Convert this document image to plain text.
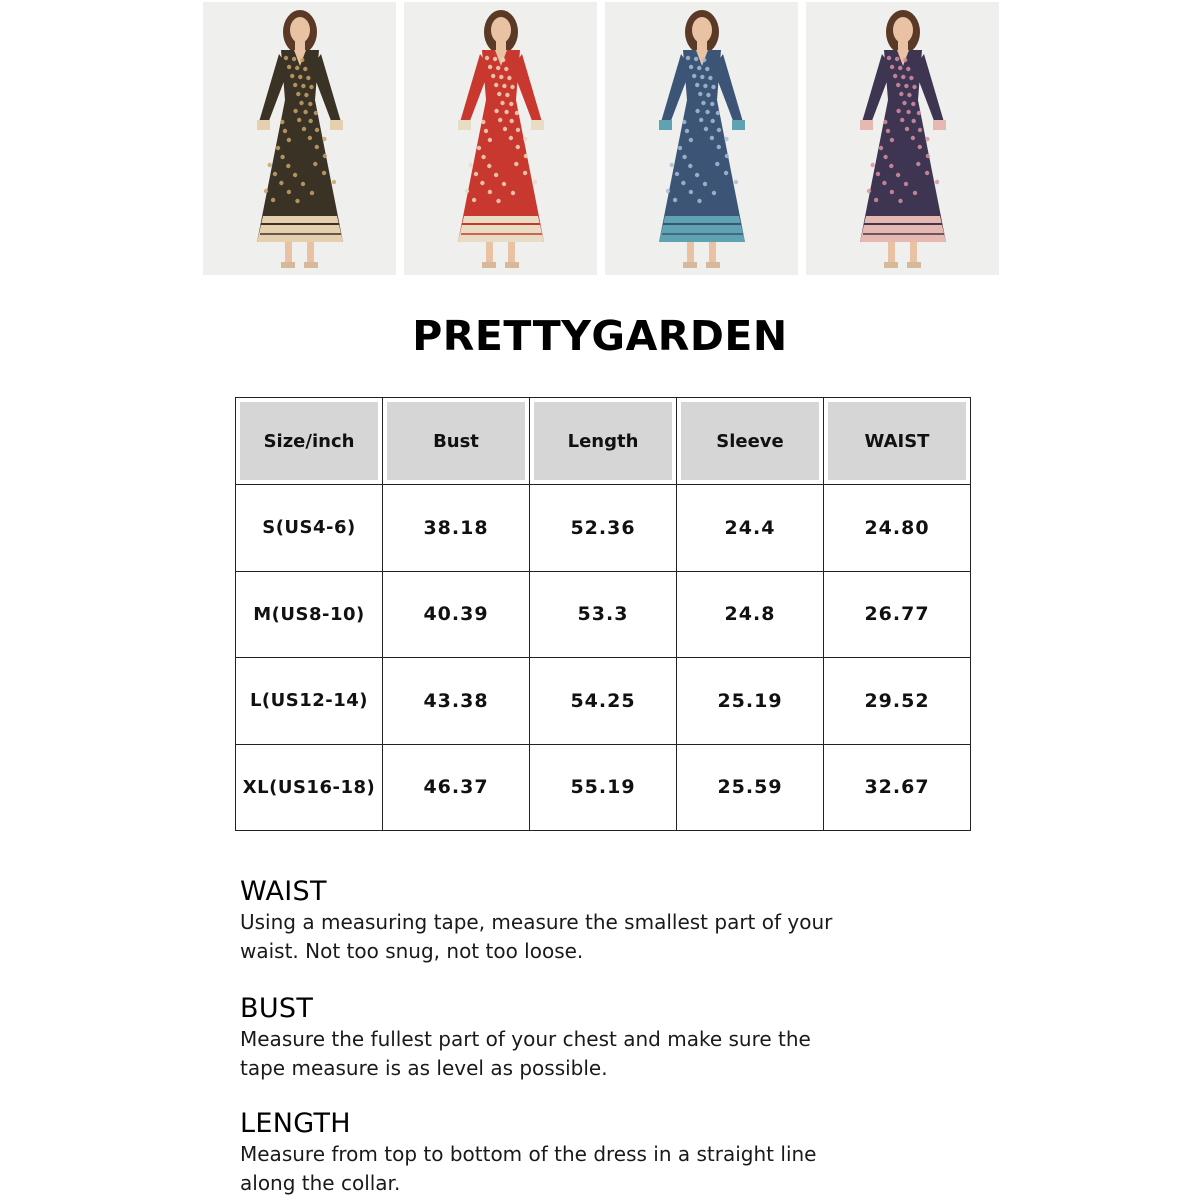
PRETTYGARDEN
Size/inch	Bust	Length	Sleeve	WAIST
S(US4-6)	38.18	52.36	24.4	24.80
M(US8-10)	40.39	53.3	24.8	26.77
L(US12-14)	43.38	54.25	25.19	29.52
XL(US16-18)	46.37	55.19	25.59	32.67
WAIST

Using a measuring tape, measure the smallest part of your waist. Not too snug, not too loose.

BUST

Measure the fullest part of your chest and make sure the tape measure is as level as possible.

LENGTH

Measure from top to bottom of the dress in a straight line along the collar.
